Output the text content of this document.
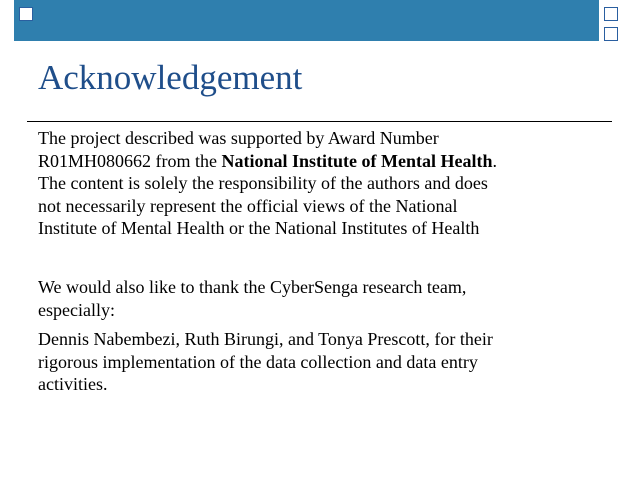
Acknowledgement
The project described was supported by Award Number
R01MH080662 from the National Institute of Mental Health.
The content is solely the responsibility of the authors and does
not necessarily represent the official views of the National
Institute of Mental Health or the National Institutes of Health
We would also like to thank the CyberSenga research team,
especially:
Dennis Nabembezi, Ruth Birungi, and Tonya Prescott, for their
rigorous implementation of the data collection and data entry
activities.
